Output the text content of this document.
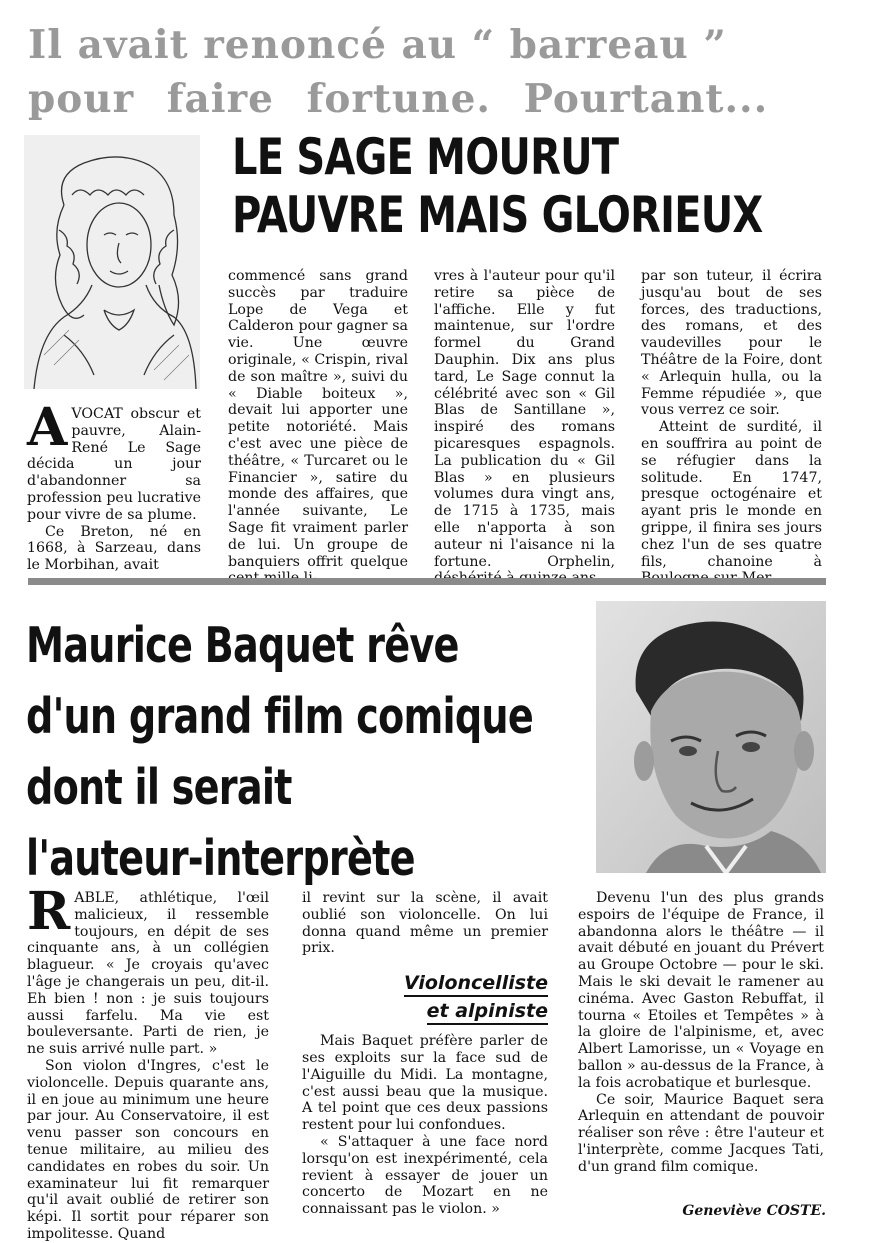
Il avait renoncé au “ barreau ”
pour faire fortune. Pourtant...
LE SAGE MOURUT
PAUVRE MAIS GLORIEUX

AVOCAT obscur et pauvre, Alain-René Le Sage décida un jour d'abandonner sa profession peu lucrative pour vivre de sa plume.

Ce Breton, né en 1668, à Sarzeau, dans le Morbihan, avait

commencé sans grand succès par traduire Lope de Vega et Calderon pour gagner sa vie. Une œuvre originale, « Crispin, rival de son maître », suivi du « Diable boiteux », devait lui apporter une petite notoriété. Mais c'est avec une pièce de théâtre, « Turcaret ou le Financier », satire du monde des affaires, que l'année suivante, Le Sage fit vraiment parler de lui. Un groupe de banquiers offrit quelque

vres à l'auteur pour qu'il retire sa pièce de l'affiche. Elle y fut maintenue, sur l'ordre formel du Grand Dauphin. Dix ans plus tard, Le Sage connut la célébrité avec son « Gil Blas de Santillane », inspiré des romans picaresques espagnols. La publication du « Gil Blas » en plusieurs volumes dura vingt ans, de 1715 à 1735, mais elle n'apporta à son auteur ni l'aisance ni la fortune. Orphelin,

par son tuteur, il écrira jusqu'au bout de ses forces, des traductions, des romans, et des vaudevilles pour le Théâtre de la Foire, dont « Arlequin hulla, ou la Femme répudiée », que vous verrez ce soir.

Atteint de surdité, il en souffrira au point de se réfugier dans la solitude. En 1747, presque octogénaire et ayant pris le monde en grippe, il finira ses jours chez l'un de ses quatre fils, chanoine à

Maurice Baquet rêve
d'un grand film comique
dont il serait
l'auteur-interprète

RABLE, athlétique, l'œil malicieux, il ressemble toujours, en dépit de ses cinquante ans, à un collégien blagueur. « Je croyais qu'avec l'âge je changerais un peu, dit-il. Eh bien ! non : je suis toujours aussi farfelu. Ma vie est bouleversante. Parti de rien, je ne suis arrivé nulle part. »

Son violon d'Ingres, c'est le violoncelle. Depuis quarante ans, il en joue au minimum une heure par jour. Au Conservatoire, il est venu passer son concours en tenue militaire, au milieu des candidates en robes du soir. Un examinateur lui fit remarquer qu'il avait oublié de retirer son képi. Il sortit pour réparer son impolitesse. Quand

il revint sur la scène, il avait oublié son violoncelle. On lui donna quand même un premier prix.

Violoncelliste
et alpiniste

Mais Baquet préfère parler de ses exploits sur la face sud de l'Aiguille du Midi. La montagne, c'est aussi beau que la musique. A tel point que ces deux passions restent pour lui confondues.

« S'attaquer à une face nord lorsqu'on est inexpérimenté, cela revient à essayer de jouer un concerto de Mozart en ne connaissant pas le violon. »

Devenu l'un des plus grands espoirs de l'équipe de France, il abandonna alors le théâtre — il avait débuté en jouant du Prévert au Groupe Octobre — pour le ski. Mais le ski devait le ramener au cinéma. Avec Gaston Rebuffat, il tourna « Etoiles et Tempêtes » à la gloire de l'alpinisme, et, avec Albert Lamorisse, un « Voyage en ballon » au-dessus de la France, à la fois acrobatique et burlesque.

Ce soir, Maurice Baquet sera Arlequin en attendant de pouvoir réaliser son rêve : être l'auteur et l'interprète, comme Jacques Tati, d'un grand film comique.

Geneviève COSTE.
